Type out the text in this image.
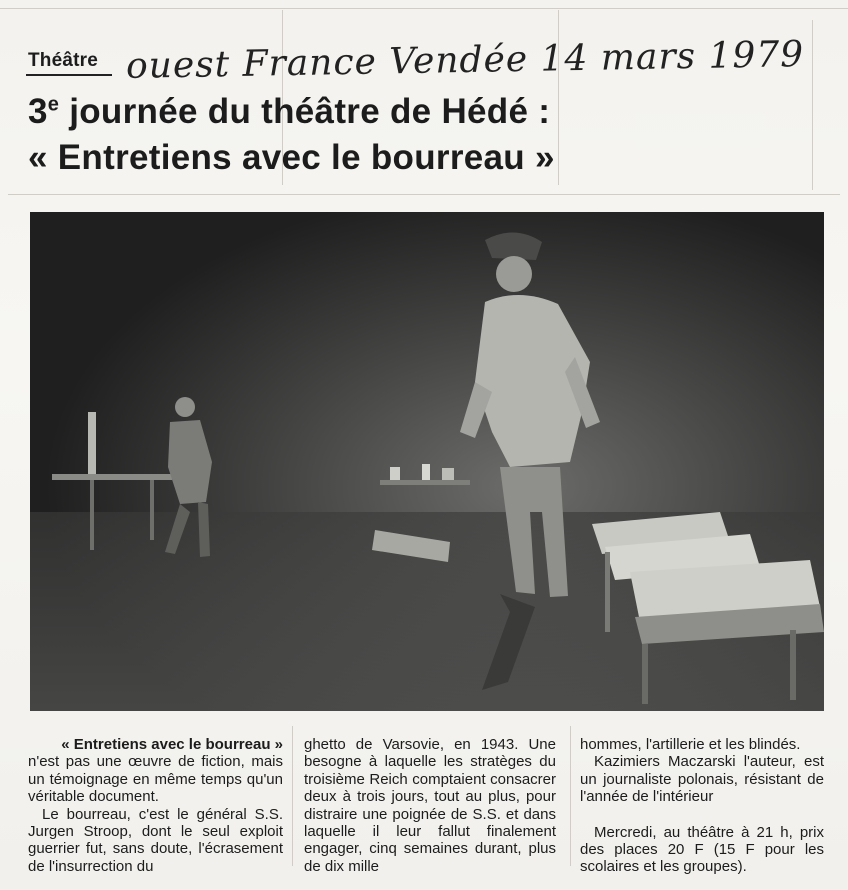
Théâtre ouest France Vendée 14 mars 1979
3e journée du théâtre de Hédé :
« Entretiens avec le bourreau »

« Entretiens avec le bourreau »

n'est pas une œuvre de fiction, mais un témoignage en même temps qu'un véritable document.

Le bourreau, c'est le général S.S. Jurgen Stroop, dont le seul exploit guerrier fut, sans doute, l'écrasement de l'insurrection du

ghetto de Varsovie, en 1943. Une besogne à laquelle les stratèges du troisième Reich comptaient consacrer deux à trois jours, tout au plus, pour distraire une poignée de S.S. et dans laquelle il leur fallut finalement engager, cinq semaines durant, plus de dix mille

hommes, l'artillerie et les blindés.

Kazimiers Maczarski l'auteur, est un journaliste polonais, résistant de l'année de l'intérieur

Mercredi, au théâtre à 21 h, prix des places 20 F (15 F pour les scolaires et les groupes).
